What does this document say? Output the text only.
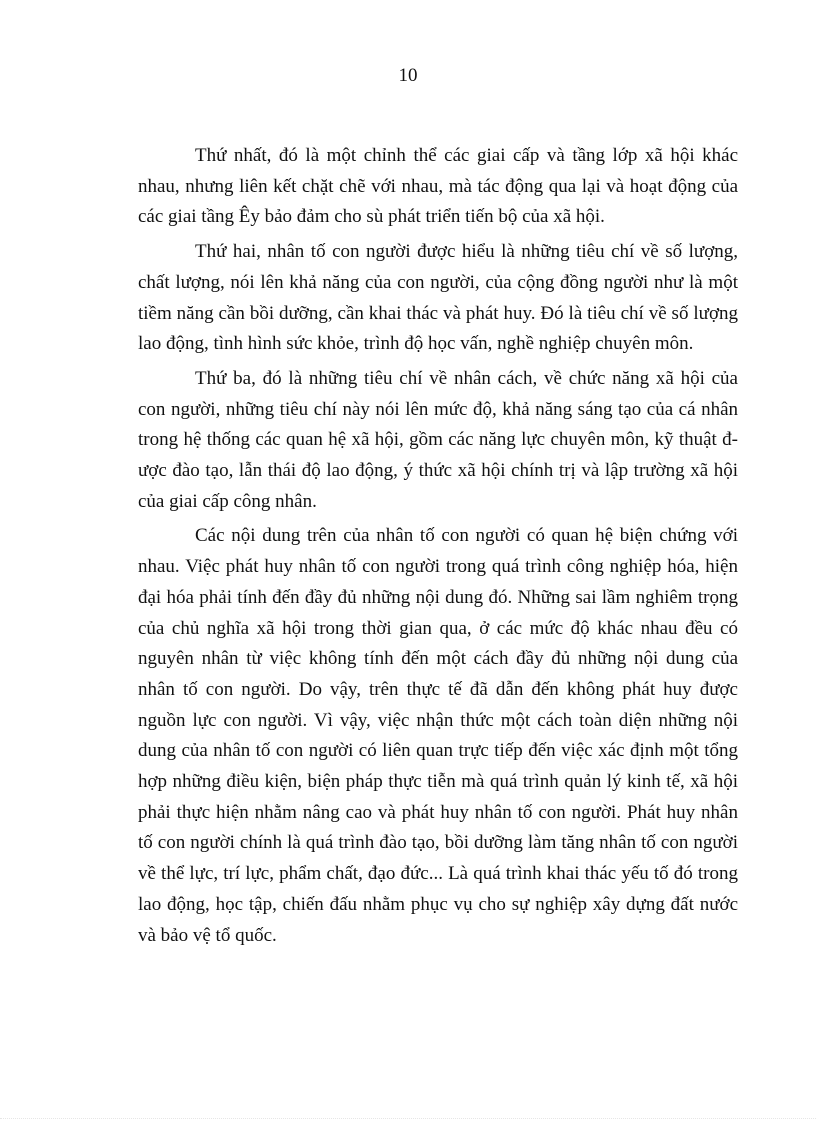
10

Thứ nhất, đó là một chỉnh thể các giai cấp và tầng lớp xã hội khác nhau, nhưng liên kết chặt chẽ với nhau, mà tác động qua lại và hoạt động của các giai tầng Êy bảo đảm cho sù phát triển tiến bộ của xã hội.

Thứ hai, nhân tố con người được hiểu là những tiêu chí về số lượng, chất lượng, nói lên khả năng của con người, của cộng đồng người như là một tiềm năng cần bồi dưỡng, cần khai thác và phát huy. Đó là tiêu chí về số lượng lao động, tình hình sức khỏe, trình độ học vấn, nghề nghiệp chuyên môn.

Thứ ba, đó là những tiêu chí về nhân cách, về chức năng xã hội của con người, những tiêu chí này nói lên mức độ, khả năng sáng tạo của cá nhân trong hệ thống các quan hệ xã hội, gồm các năng lực chuyên môn, kỹ thuật được đào tạo, lẫn thái độ lao động, ý thức xã hội chính trị và lập trường xã hội của giai cấp công nhân.

Các nội dung trên của nhân tố con người có quan hệ biện chứng với nhau. Việc phát huy nhân tố con người trong quá trình công nghiệp hóa, hiện đại hóa phải tính đến đầy đủ những nội dung đó. Những sai lầm nghiêm trọng của chủ nghĩa xã hội trong thời gian qua, ở các mức độ khác nhau đều có nguyên nhân từ việc không tính đến một cách đầy đủ những nội dung của nhân tố con người. Do vậy, trên thực tế đã dẫn đến không phát huy được nguồn lực con người. Vì vậy, việc nhận thức một cách toàn diện những nội dung của nhân tố con người có liên quan trực tiếp đến việc xác định một tổng hợp những điều kiện, biện pháp thực tiễn mà quá trình quản lý kinh tế, xã hội phải thực hiện nhằm nâng cao và phát huy nhân tố con người. Phát huy nhân tố con người chính là quá trình đào tạo, bồi dưỡng làm tăng nhân tố con người về thể lực, trí lực, phẩm chất, đạo đức... Là quá trình khai thác yếu tố đó trong lao động, học tập, chiến đấu nhằm phục vụ cho sự nghiệp xây dựng đất nước và bảo vệ tổ quốc.
